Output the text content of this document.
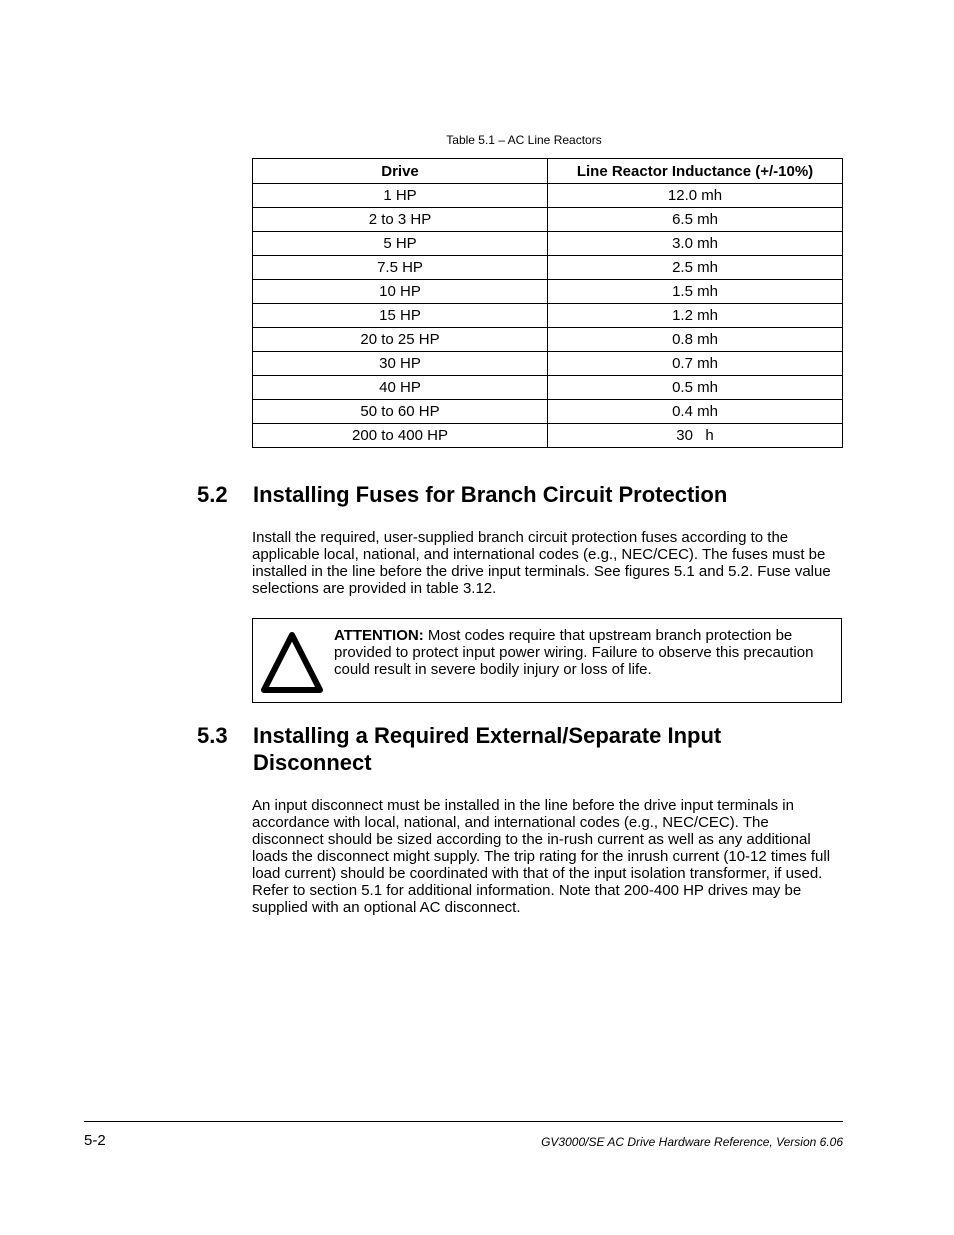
Table 5.1 – AC Line Reactors
Drive	Line Reactor Inductance (+/-10%)
1 HP	12.0 mh
2 to 3 HP	6.5 mh
5 HP	3.0 mh
7.5 HP	2.5 mh
10 HP	1.5 mh
15 HP	1.2 mh
20 to 25 HP	0.8 mh
30 HP	0.7 mh
40 HP	0.5 mh
50 to 60 HP	0.4 mh
200 to 400 HP	30   h
5.2 Installing Fuses for Branch Circuit Protection

Install the required, user-supplied branch circuit protection fuses according to the applicable local, national, and international codes (e.g., NEC/CEC). The fuses must be installed in the line before the drive input terminals. See figures 5.1 and 5.2. Fuse value selections are provided in table 3.12.

ATTENTION: Most codes require that upstream branch protection be provided to protect input power wiring. Failure to observe this precaution could result in severe bodily injury or loss of life.

5.3 Installing a Required External/Separate Input Disconnect

An input disconnect must be installed in the line before the drive input terminals in accordance with local, national, and international codes (e.g., NEC/CEC). The disconnect should be sized according to the in-rush current as well as any additional loads the disconnect might supply. The trip rating for the inrush current (10-12 times full load current) should be coordinated with that of the input isolation transformer, if used. Refer to section 5.1 for additional information. Note that 200-400 HP drives may be supplied with an optional AC disconnect.

5-2	GV3000/SE AC Drive Hardware Reference, Version 6.06
